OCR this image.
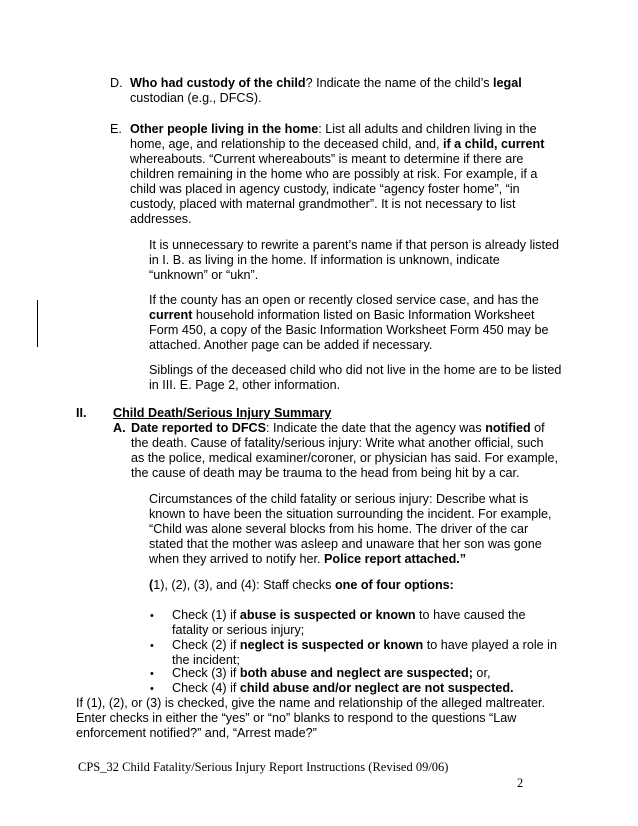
D. Who had custody of the child? Indicate the name of the child’s legal
custodian (e.g., DFCS).
E. Other people living in the home: List all adults and children living in the
home, age, and relationship to the deceased child, and, if a child, current
whereabouts. “Current whereabouts” is meant to determine if there are
children remaining in the home who are possibly at risk. For example, if a
child was placed in agency custody, indicate “agency foster home”, “in
custody, placed with maternal grandmother”. It is not necessary to list
addresses.
It is unnecessary to rewrite a parent’s name if that person is already listed
in I. B. as living in the home. If information is unknown, indicate
“unknown” or “ukn”.
If the county has an open or recently closed service case, and has the
current household information listed on Basic Information Worksheet
Form 450, a copy of the Basic Information Worksheet Form 450 may be
attached. Another page can be added if necessary.
Siblings of the deceased child who did not live in the home are to be listed
in III. E. Page 2, other information.
II. Child Death/Serious Injury Summary
A. Date reported to DFCS: Indicate the date that the agency was notified of
the death. Cause of fatality/serious injury: Write what another official, such
as the police, medical examiner/coroner, or physician has said. For example,
the cause of death may be trauma to the head from being hit by a car.
Circumstances of the child fatality or serious injury: Describe what is
known to have been the situation surrounding the incident. For example,
“Child was alone several blocks from his home. The driver of the car
stated that the mother was asleep and unaware that her son was gone
when they arrived to notify her. Police report attached.”
(1), (2), (3), and (4): Staff checks one of four options:
• Check (1) if abuse is suspected or known to have caused the
fatality or serious injury;
• Check (2) if neglect is suspected or known to have played a role in
the incident;
• Check (3) if both abuse and neglect are suspected; or,
• Check (4) if child abuse and/or neglect are not suspected.
If (1), (2), or (3) is checked, give the name and relationship of the alleged maltreater.
Enter checks in either the “yes” or “no” blanks to respond to the questions “Law
enforcement notified?” and, “Arrest made?”
CPS_32 Child Fatality/Serious Injury Report Instructions (Revised 09/06)
2
